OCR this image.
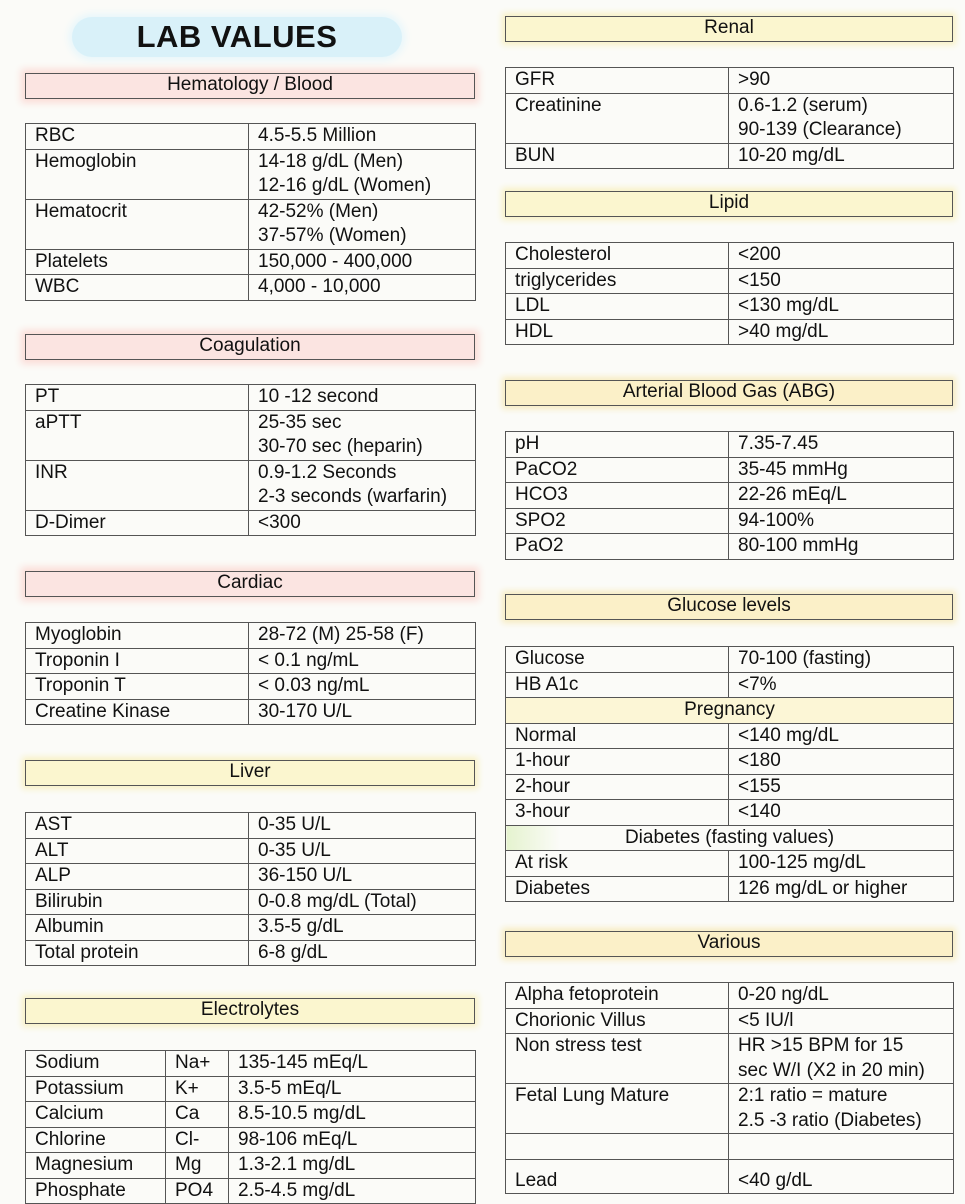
LAB VALUES
Hematology / Blood
RBC	4.5-5.5 Million
Hemoglobin	14-18 g/dL (Men)
12-16 g/dL (Women)

Hematocrit	42-52% (Men)
37-57% (Women)

Platelets	150,000 - 400,000
WBC	4,000 - 10,000
Coagulation
PT	10 -12 second
aPTT	25-35 sec
30-70 sec (heparin)

INR	0.9-1.2 Seconds
2-3 seconds (warfarin)

D-Dimer	<300
Cardiac
Myoglobin	28-72 (M) 25-58 (F)
Troponin I	< 0.1 ng/mL
Troponin T	< 0.03 ng/mL
Creatine Kinase	30-170 U/L
Liver
AST	0-35 U/L
ALT	0-35 U/L
ALP	36-150 U/L
Bilirubin	0-0.8 mg/dL (Total)
Albumin	3.5-5 g/dL
Total protein	6-8 g/dL
Electrolytes
Sodium	Na+	135-145 mEq/L
Potassium	K+	3.5-5 mEq/L
Calcium	Ca	8.5-10.5 mg/dL
Chlorine	Cl-	98-106 mEq/L
Magnesium	Mg	1.3-2.1 mg/dL
Phosphate	PO4	2.5-4.5 mg/dL
Renal
GFR	>90
Creatinine	0.6-1.2 (serum)
90-139 (Clearance)

BUN	10-20 mg/dL
Lipid
Cholesterol	<200
triglycerides	<150
LDL	<130 mg/dL
HDL	>40 mg/dL
Arterial Blood Gas (ABG)
pH	7.35-7.45
PaCO2	35-45 mmHg
HCO3	22-26 mEq/L
SPO2	94-100%
PaO2	80-100 mmHg
Glucose levels
Glucose	70-100 (fasting)
HB A1c	<7%
Pregnancy	
Normal	<140 mg/dL
1-hour	<180
2-hour	<155
3-hour	<140
Diabetes (fasting values)	
At risk	100-125 mg/dL
Diabetes	126 mg/dL or higher
Various
Alpha fetoprotein	0-20 ng/dL
Chorionic Villus	<5 IU/l
Non stress test	HR >15 BPM for 15
sec W/I (X2 in 20 min)

Fetal Lung Mature	2:1 ratio = mature
2.5 -3 ratio (Diabetes)

Lead	<40 g/dL
